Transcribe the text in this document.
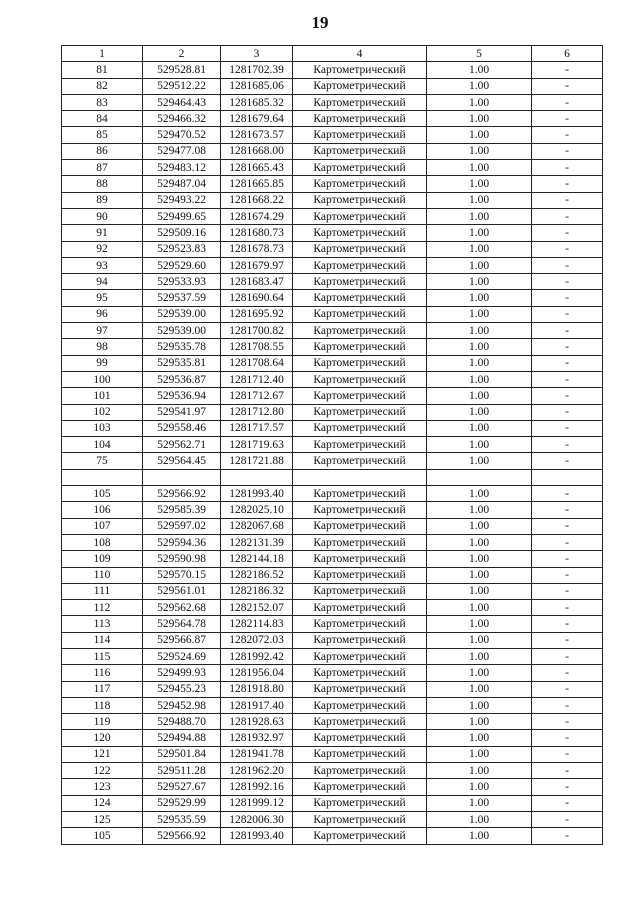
19
1	2	3	4	5	6
81	529528.81	1281702.39	Картометрический	1.00	-
82	529512.22	1281685.06	Картометрический	1.00	-
83	529464.43	1281685.32	Картометрический	1.00	-
84	529466.32	1281679.64	Картометрический	1.00	-
85	529470.52	1281673.57	Картометрический	1.00	-
86	529477.08	1281668.00	Картометрический	1.00	-
87	529483.12	1281665.43	Картометрический	1.00	-
88	529487.04	1281665.85	Картометрический	1.00	-
89	529493.22	1281668.22	Картометрический	1.00	-
90	529499.65	1281674.29	Картометрический	1.00	-
91	529509.16	1281680.73	Картометрический	1.00	-
92	529523.83	1281678.73	Картометрический	1.00	-
93	529529.60	1281679.97	Картометрический	1.00	-
94	529533.93	1281683.47	Картометрический	1.00	-
95	529537.59	1281690.64	Картометрический	1.00	-
96	529539.00	1281695.92	Картометрический	1.00	-
97	529539.00	1281700.82	Картометрический	1.00	-
98	529535.78	1281708.55	Картометрический	1.00	-
99	529535.81	1281708.64	Картометрический	1.00	-
100	529536.87	1281712.40	Картометрический	1.00	-
101	529536.94	1281712.67	Картометрический	1.00	-
102	529541.97	1281712.80	Картометрический	1.00	-
103	529558.46	1281717.57	Картометрический	1.00	-
104	529562.71	1281719.63	Картометрический	1.00	-
75	529564.45	1281721.88	Картометрический	1.00	-

105	529566.92	1281993.40	Картометрический	1.00	-
106	529585.39	1282025.10	Картометрический	1.00	-
107	529597.02	1282067.68	Картометрический	1.00	-
108	529594.36	1282131.39	Картометрический	1.00	-
109	529590.98	1282144.18	Картометрический	1.00	-
110	529570.15	1282186.52	Картометрический	1.00	-
111	529561.01	1282186.32	Картометрический	1.00	-
112	529562.68	1282152.07	Картометрический	1.00	-
113	529564.78	1282114.83	Картометрический	1.00	-
114	529566.87	1282072.03	Картометрический	1.00	-
115	529524.69	1281992.42	Картометрический	1.00	-
116	529499.93	1281956.04	Картометрический	1.00	-
117	529455.23	1281918.80	Картометрический	1.00	-
118	529452.98	1281917.40	Картометрический	1.00	-
119	529488.70	1281928.63	Картометрический	1.00	-
120	529494.88	1281932.97	Картометрический	1.00	-
121	529501.84	1281941.78	Картометрический	1.00	-
122	529511.28	1281962.20	Картометрический	1.00	-
123	529527.67	1281992.16	Картометрический	1.00	-
124	529529.99	1281999.12	Картометрический	1.00	-
125	529535.59	1282006.30	Картометрический	1.00	-
105	529566.92	1281993.40	Картометрический	1.00	-
